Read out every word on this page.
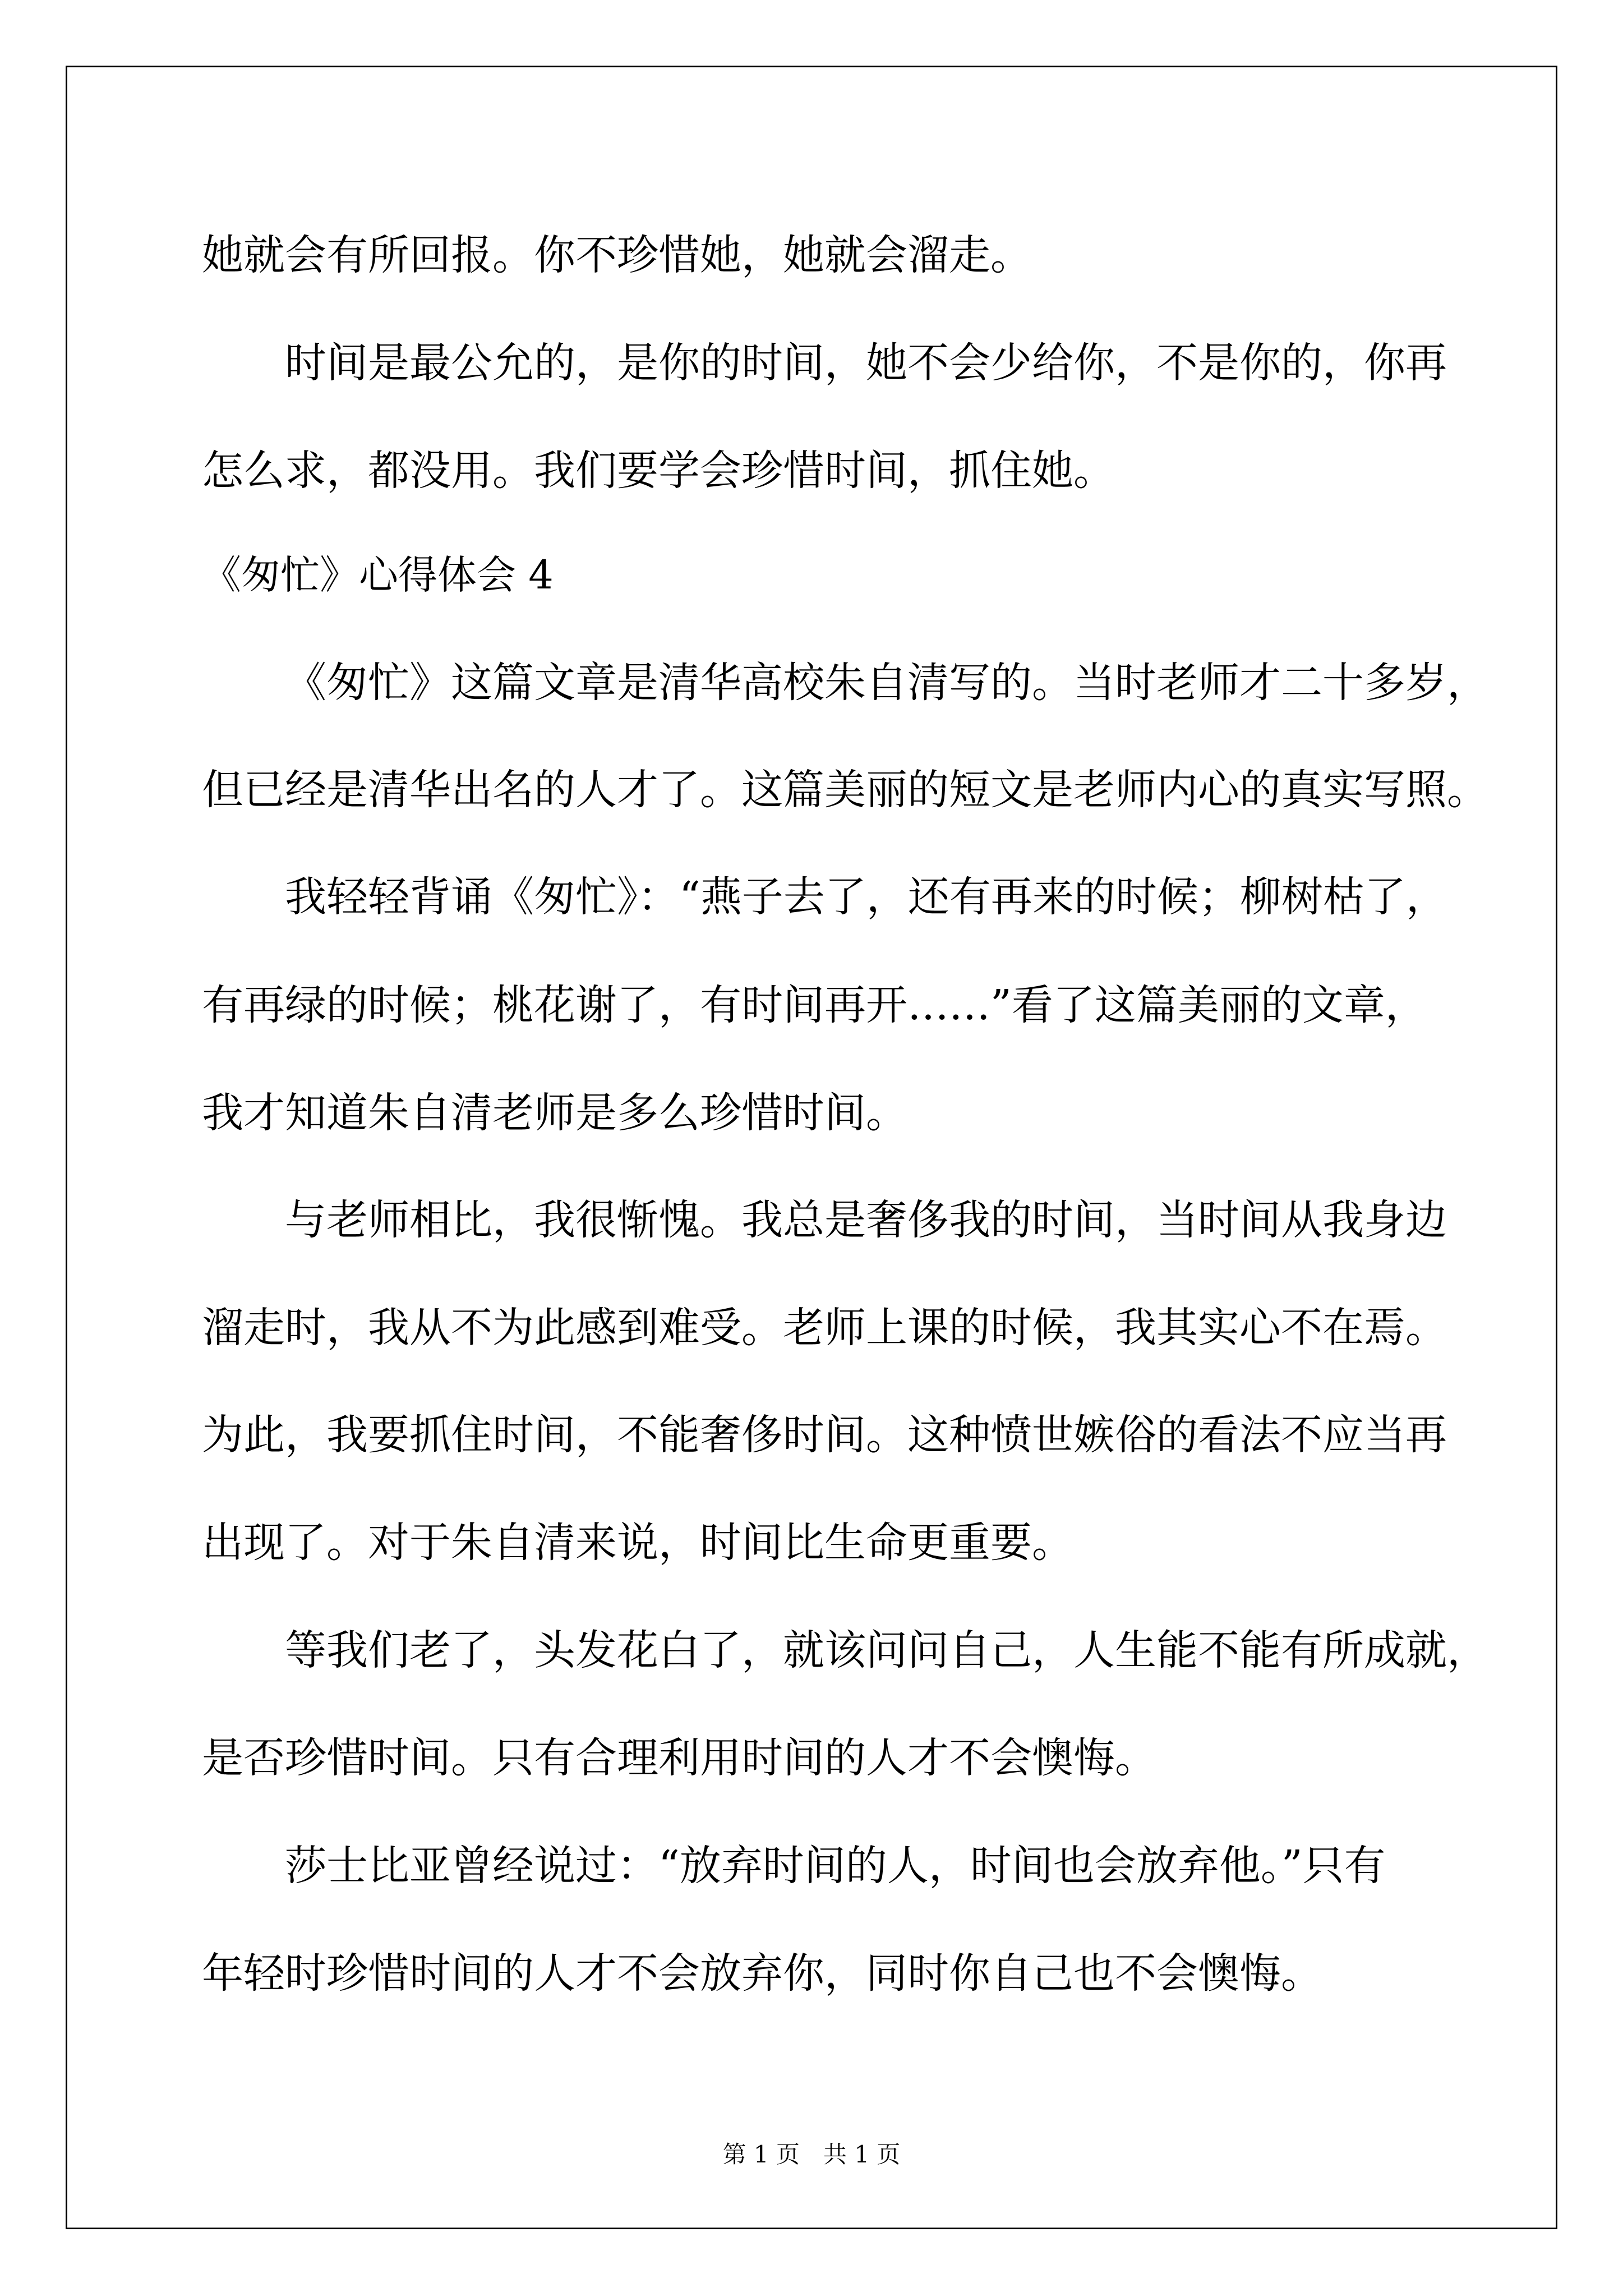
她就会有所回报。你不珍惜她，她就会溜走。
时间是最公允的，是你的时间，她不会少给你，不是你的，你再
怎么求，都没用。我们要学会珍惜时间，抓住她。
《匆忙》心得体会 4
《匆忙》这篇文章是清华高校朱自清写的。当时老师才二十多岁，
但已经是清华出名的人才了。这篇美丽的短文是老师内心的真实写照。
我轻轻背诵《匆忙》：“燕子去了，还有再来的时候；柳树枯了，
有再绿的时候；桃花谢了，有时间再开……”看了这篇美丽的文章，
我才知道朱自清老师是多么珍惜时间。
与老师相比，我很惭愧。我总是奢侈我的时间，当时间从我身边
溜走时，我从不为此感到难受。老师上课的时候，我其实心不在焉。
为此，我要抓住时间，不能奢侈时间。这种愤世嫉俗的看法不应当再
出现了。对于朱自清来说，时间比生命更重要。
等我们老了，头发花白了，就该问问自己，人生能不能有所成就，
是否珍惜时间。只有合理利用时间的人才不会懊悔。
莎士比亚曾经说过：“放弃时间的人，时间也会放弃他。”只有
年轻时珍惜时间的人才不会放弃你，同时你自己也不会懊悔。
第 1 页　共 1 页
